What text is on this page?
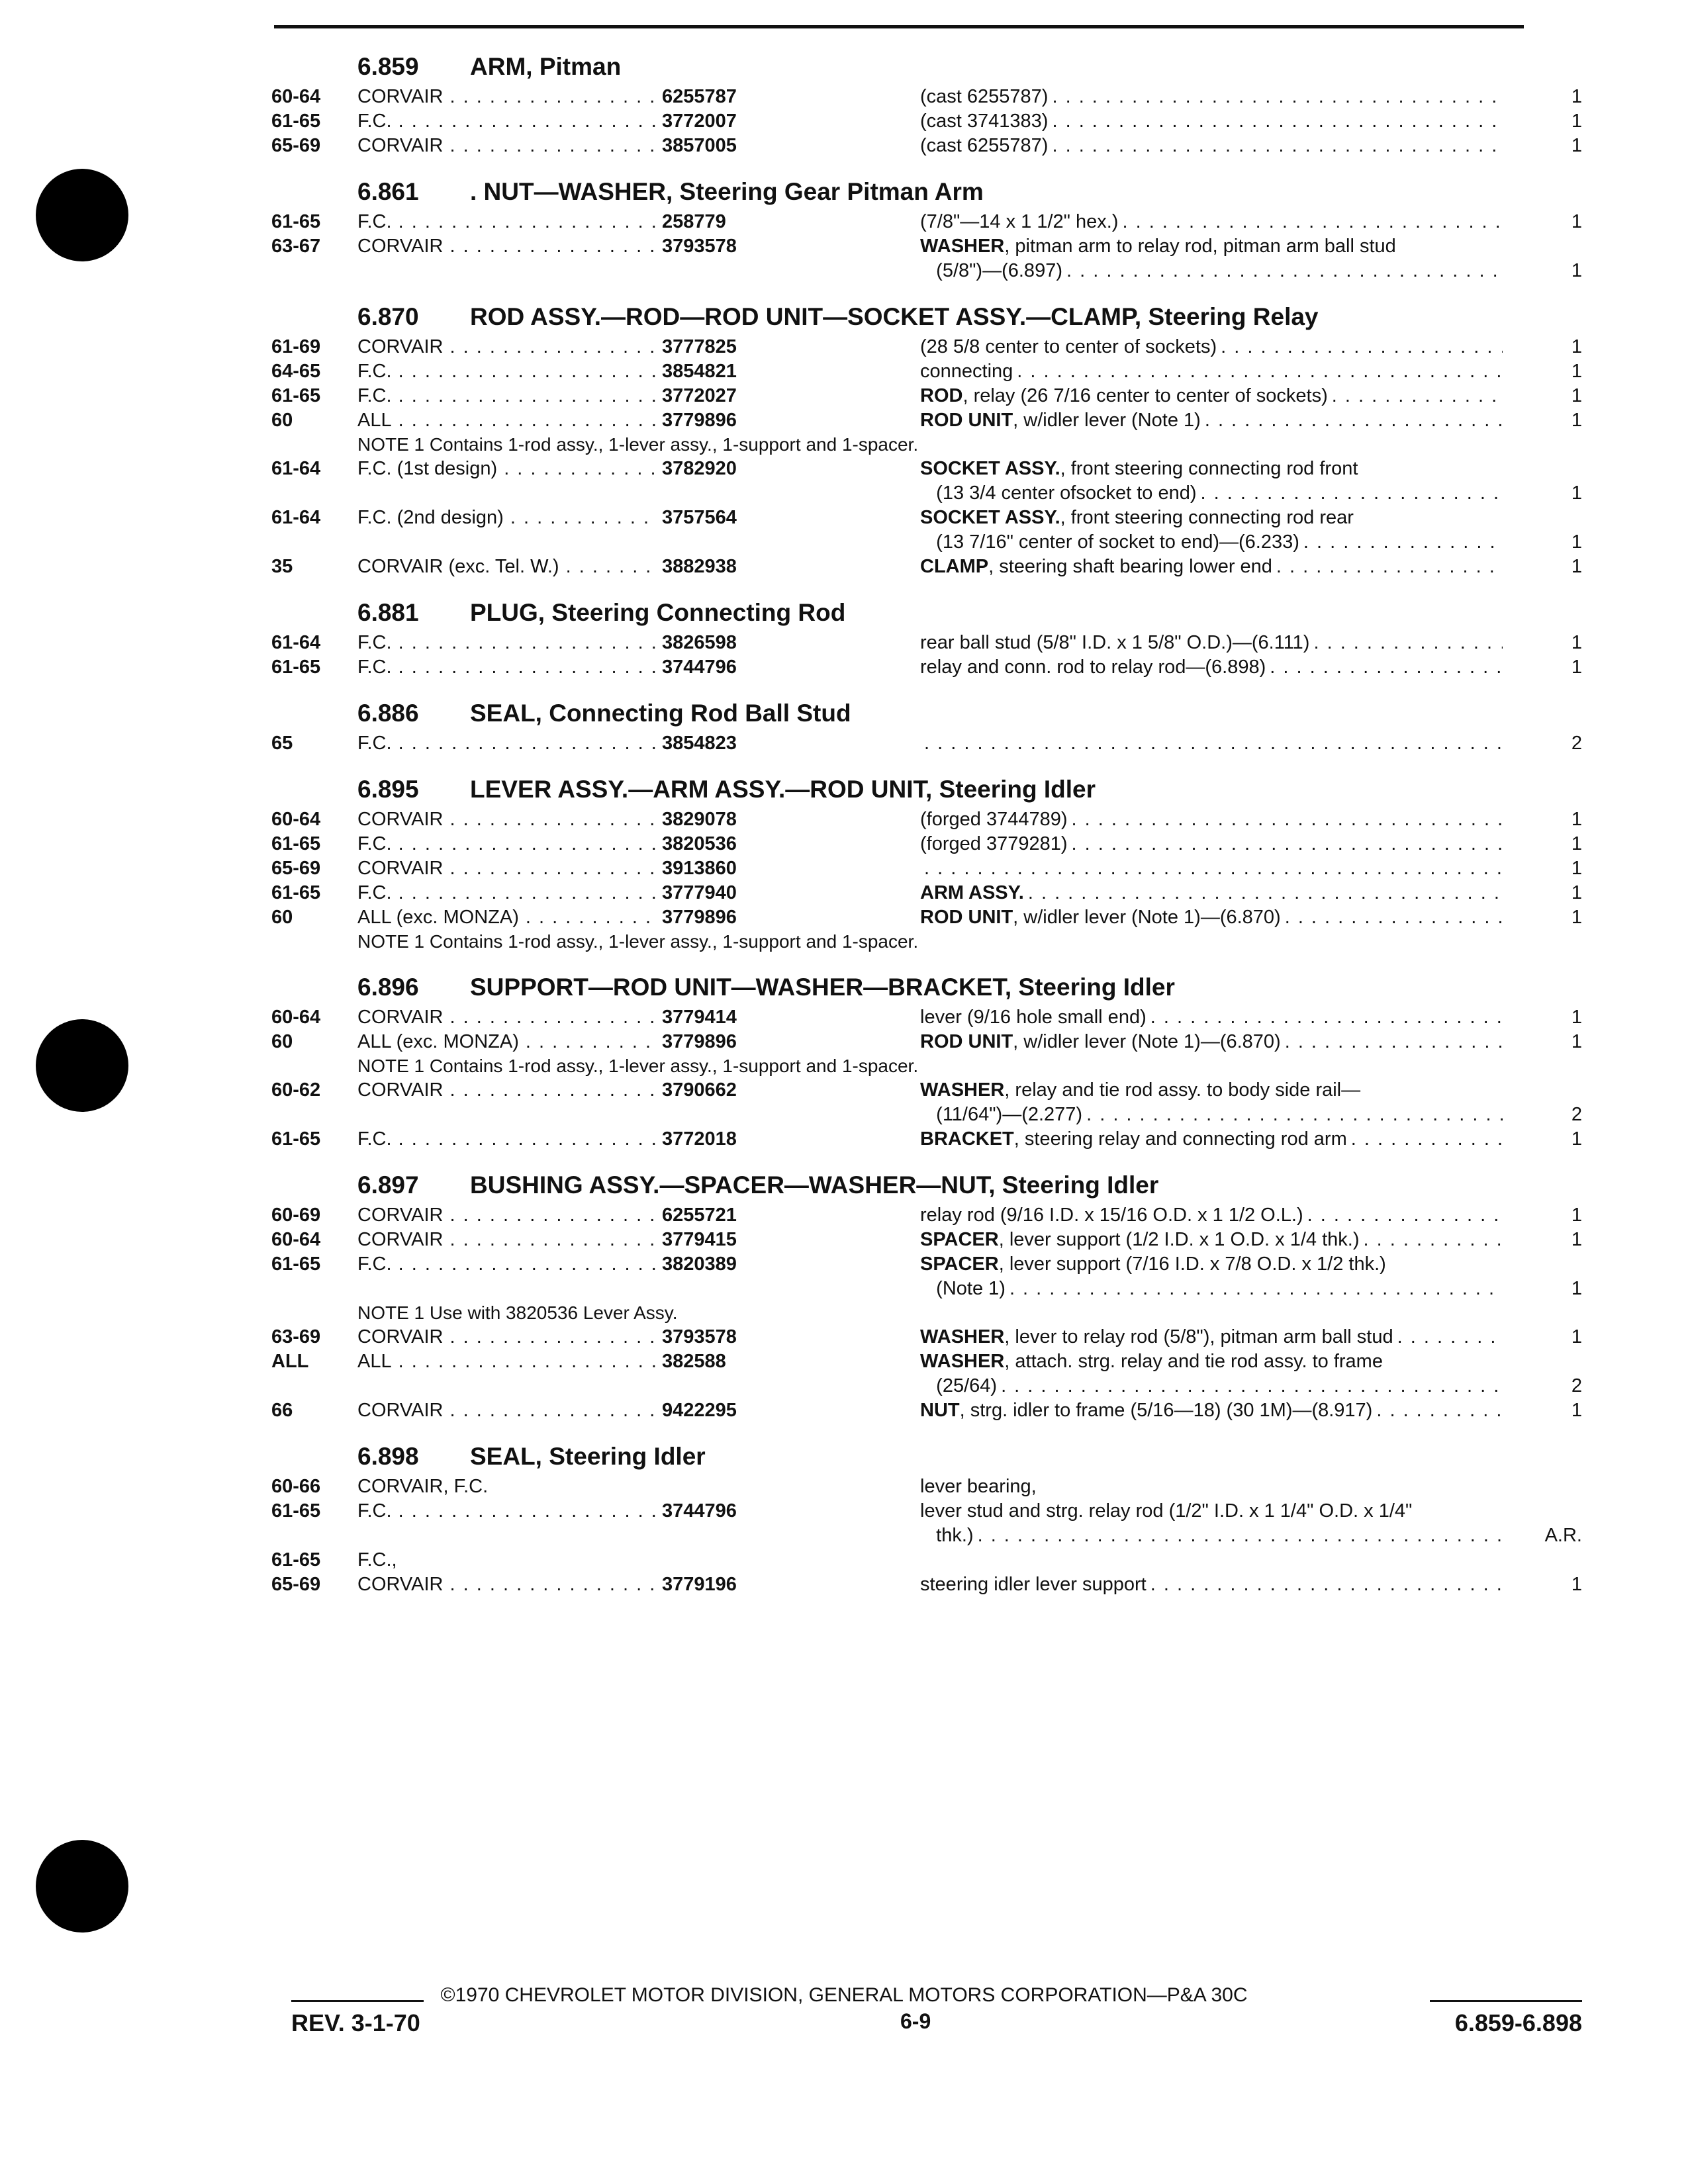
6.859 ARM, Pitman
60-64	CORVAIR . . .	6255787	(cast 6255787) . . .	1
61-65	F.C. . . .	3772007	(cast 3741383) . . .	1
65-69	CORVAIR . . .	3857005	(cast 6255787) . . .	1
6.861 . NUT—WASHER, Steering Gear Pitman Arm
61-65	F.C. . . .	258779	(7/8"—14 x 1 1/2" hex.) . . .	1
63-67	CORVAIR . . .	3793578	WASHER, pitman arm to relay rod, pitman arm ball stud
(5/8")—(6.897) . . .	1
6.870 ROD ASSY.—ROD—ROD UNIT—SOCKET ASSY.—CLAMP, Steering Relay
61-69	CORVAIR . . .	3777825	(28 5/8 center to center of sockets) . . .	1
64-65	F.C. . . .	3854821	connecting . . .	1
61-65	F.C. . . .	3772027	ROD, relay (26 7/16 center to center of sockets) . . .	1
60	ALL . . .	3779896	ROD UNIT, w/idler lever (Note 1) . . .	1
NOTE 1 Contains 1-rod assy., 1-lever assy., 1-support and 1-spacer.
61-64	F.C. (1st design) . . .	3782920	SOCKET ASSY., front steering connecting rod front
(13 3/4 center ofsocket to end) . . .	1
61-64	F.C. (2nd design) . . .	3757564	SOCKET ASSY., front steering connecting rod rear
(13 7/16" center of socket to end)—(6.233) . . .	1
35	CORVAIR (exc. Tel. W.) . . .	3882938	CLAMP, steering shaft bearing lower end . . .	1
6.881 PLUG, Steering Connecting Rod
61-64	F.C. . . .	3826598	rear ball stud (5/8" I.D. x 1 5/8" O.D.)—(6.111) . . .	1
61-65	F.C. . . .	3744796	relay and conn. rod to relay rod—(6.898) . . .	1
6.886 SEAL, Connecting Rod Ball Stud
65	F.C. . . .	3854823 . . .	2
6.895 LEVER ASSY.—ARM ASSY.—ROD UNIT, Steering Idler
60-64	CORVAIR . . .	3829078	(forged 3744789) . . .	1
61-65	F.C. . . .	3820536	(forged 3779281) . . .	1
65-69	CORVAIR . . .	3913860 . . .	1
61-65	F.C. . . .	3777940	ARM ASSY. . . .	1
60	ALL (exc. MONZA) . . .	3779896	ROD UNIT, w/idler lever (Note 1)—(6.870) . . .	1
NOTE 1 Contains 1-rod assy., 1-lever assy., 1-support and 1-spacer.
6.896 SUPPORT—ROD UNIT—WASHER—BRACKET, Steering Idler
60-64	CORVAIR . . .	3779414	lever (9/16 hole small end) . . .	1
60	ALL (exc. MONZA) . . .	3779896	ROD UNIT, w/idler lever (Note 1)—(6.870) . . .	1
NOTE 1 Contains 1-rod assy., 1-lever assy., 1-support and 1-spacer.
60-62	CORVAIR . . .	3790662	WASHER, relay and tie rod assy. to body side rail—
(11/64")—(2.277) . . .	2
61-65	F.C. . . .	3772018	BRACKET, steering relay and connecting rod arm . . .	1
6.897 BUSHING ASSY.—SPACER—WASHER—NUT, Steering Idler
60-69	CORVAIR . . .	6255721	relay rod (9/16 I.D. x 15/16 O.D. x 1 1/2 O.L.) . . .	1
60-64	CORVAIR . . .	3779415	SPACER, lever support (1/2 I.D. x 1 O.D. x 1/4 thk.) . . .	1
61-65	F.C. . . .	3820389	SPACER, lever support (7/16 I.D. x 7/8 O.D. x 1/2 thk.)
(Note 1) . . .	1
NOTE 1 Use with 3820536 Lever Assy.
63-69	CORVAIR . . .	3793578	WASHER, lever to relay rod (5/8"), pitman arm ball stud . . .	1
ALL	ALL . . .	382588	WASHER, attach. strg. relay and tie rod assy. to frame
(25/64) . . .	2
66	CORVAIR . . .	9422295	NUT, strg. idler to frame (5/16—18) (30 1M)—(8.917) . . .	1
6.898 SEAL, Steering Idler
60-66	CORVAIR, F.C.	lever bearing,
61-65	F.C. . . .	3744796	lever stud and strg. relay rod (1/2" I.D. x 1 1/4" O.D. x 1/4"
thk.) . . .	A.R.
61-65	F.C.,
65-69	CORVAIR . . .	3779196	steering idler lever support . . .	1
©1970 CHEVROLET MOTOR DIVISION, GENERAL MOTORS CORPORATION—P&A 30C
REV. 3-1-70	6-9	6.859-6.898
